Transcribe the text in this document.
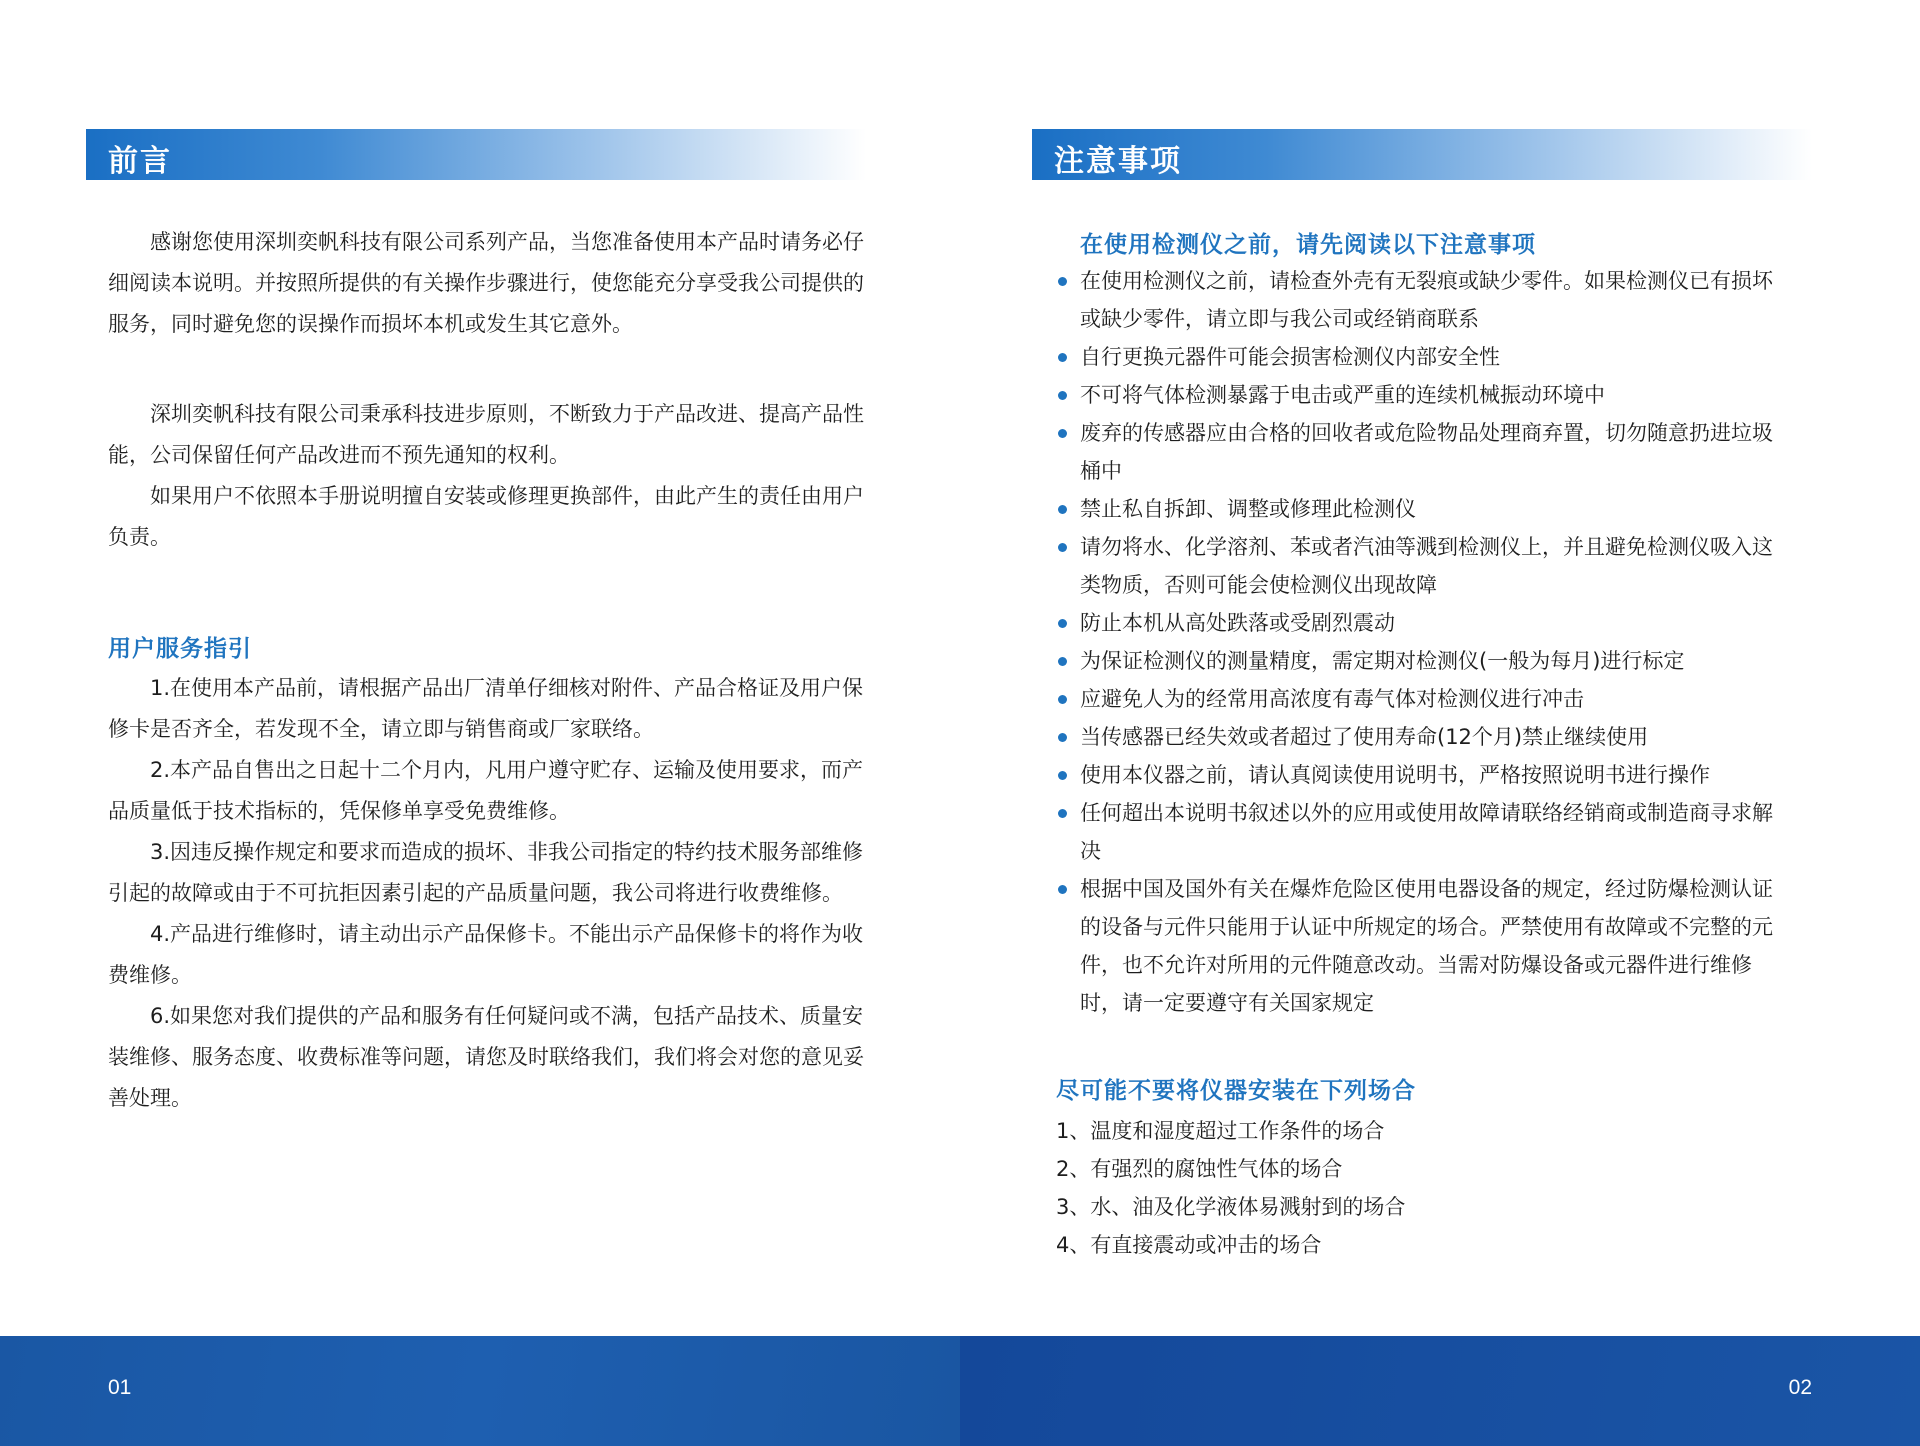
前言

感谢您使用深圳奕帆科技有限公司系列产品，当您准备使用本产品时请务必仔细阅读本说明。并按照所提供的有关操作步骤进行，使您能充分享受我公司提供的服务，同时避免您的误操作而损坏本机或发生其它意外。

深圳奕帆科技有限公司秉承科技进步原则，不断致力于产品改进、提高产品性能，公司保留任何产品改进而不预先通知的权利。

如果用户不依照本手册说明擅自安装或修理更换部件，由此产生的责任由用户负责。

用户服务指引

1.在使用本产品前，请根据产品出厂清单仔细核对附件、产品合格证及用户保修卡是否齐全，若发现不全，请立即与销售商或厂家联络。

2.本产品自售出之日起十二个月内，凡用户遵守贮存、运输及使用要求，而产品质量低于技术指标的，凭保修单享受免费维修。

3.因违反操作规定和要求而造成的损坏、非我公司指定的特约技术服务部维修引起的故障或由于不可抗拒因素引起的产品质量问题，我公司将进行收费维修。

4.产品进行维修时，请主动出示产品保修卡。不能出示产品保修卡的将作为收费维修。

6.如果您对我们提供的产品和服务有任何疑问或不满，包括产品技术、质量安装维修、服务态度、收费标准等问题，请您及时联络我们，我们将会对您的意见妥善处理。

注意事项
在使用检测仪之前，请先阅读以下注意事项
在使用检测仪之前，请检查外壳有无裂痕或缺少零件。如果检测仪已有损坏或缺少零件，请立即与我公司或经销商联系
自行更换元器件可能会损害检测仪内部安全性
不可将气体检测暴露于电击或严重的连续机械振动环境中
废弃的传感器应由合格的回收者或危险物品处理商弃置，切勿随意扔进垃圾桶中
禁止私自拆卸、调整或修理此检测仪
请勿将水、化学溶剂、苯或者汽油等溅到检测仪上，并且避免检测仪吸入这类物质，否则可能会使检测仪出现故障
防止本机从高处跌落或受剧烈震动
为保证检测仪的测量精度，需定期对检测仪(一般为每月)进行标定
应避免人为的经常用高浓度有毒气体对检测仪进行冲击
当传感器已经失效或者超过了使用寿命(12个月)禁止继续使用
使用本仪器之前，请认真阅读使用说明书，严格按照说明书进行操作
任何超出本说明书叙述以外的应用或使用故障请联络经销商或制造商寻求解决
根据中国及国外有关在爆炸危险区使用电器设备的规定，经过防爆检测认证的设备与元件只能用于认证中所规定的场合。严禁使用有故障或不完整的元件，也不允许对所用的元件随意改动。当需对防爆设备或元器件进行维修时，请一定要遵守有关国家规定
尽可能不要将仪器安装在下列场合
1、温度和湿度超过工作条件的场合
2、有强烈的腐蚀性气体的场合
3、水、油及化学液体易溅射到的场合
4、有直接震动或冲击的场合
01	02
